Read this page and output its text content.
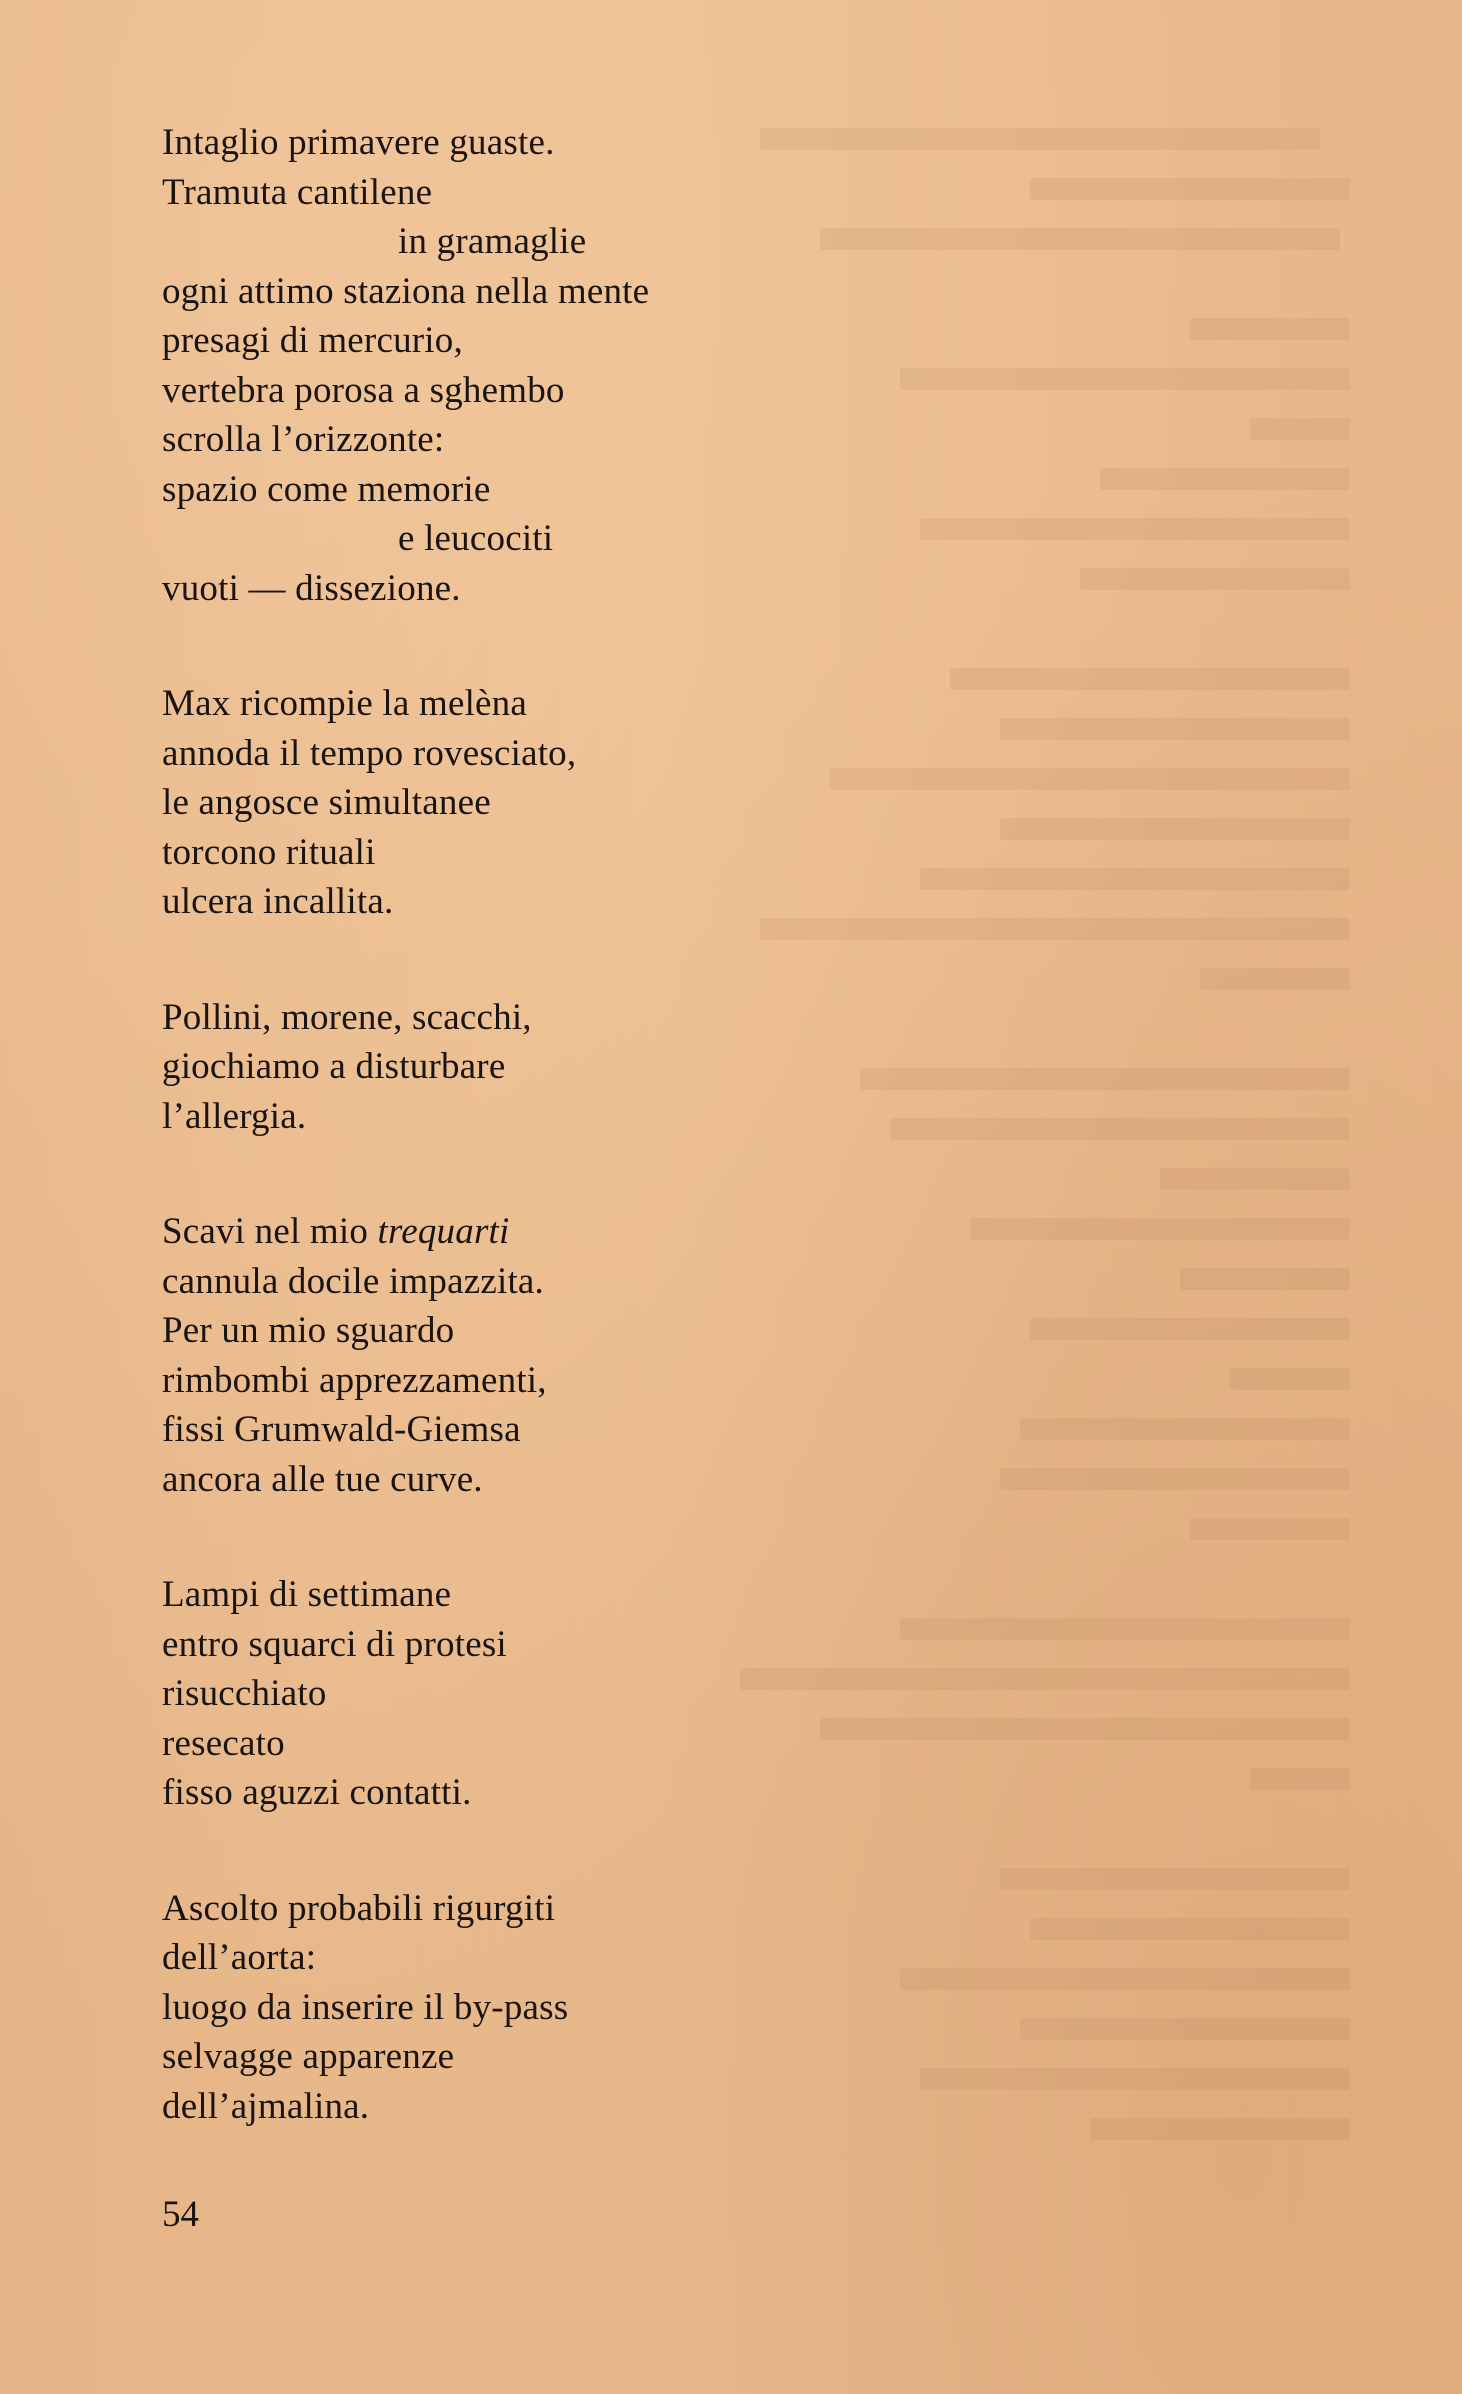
Intaglio primavere guaste.
Tramuta cantilene
in gramaglie
ogni attimo staziona nella mente
presagi di mercurio,
vertebra porosa a sghembo
scrolla l’orizzonte:
spazio come memorie
e leucociti
vuoti — dissezione.
Max ricompie la melèna
annoda il tempo rovesciato,
le angosce simultanee
torcono rituali
ulcera incallita.
Pollini, morene, scacchi,
giochiamo a disturbare
l’allergia.
Scavi nel mio trequarti
cannula docile impazzita.
Per un mio sguardo
rimbombi apprezzamenti,
fissi Grumwald-Giemsa
ancora alle tue curve.
Lampi di settimane
entro squarci di protesi
risucchiato
resecato
fisso aguzzi contatti.
Ascolto probabili rigurgiti
dell’aorta:
luogo da inserire il by-pass
selvagge apparenze
dell’ajmalina.
54
